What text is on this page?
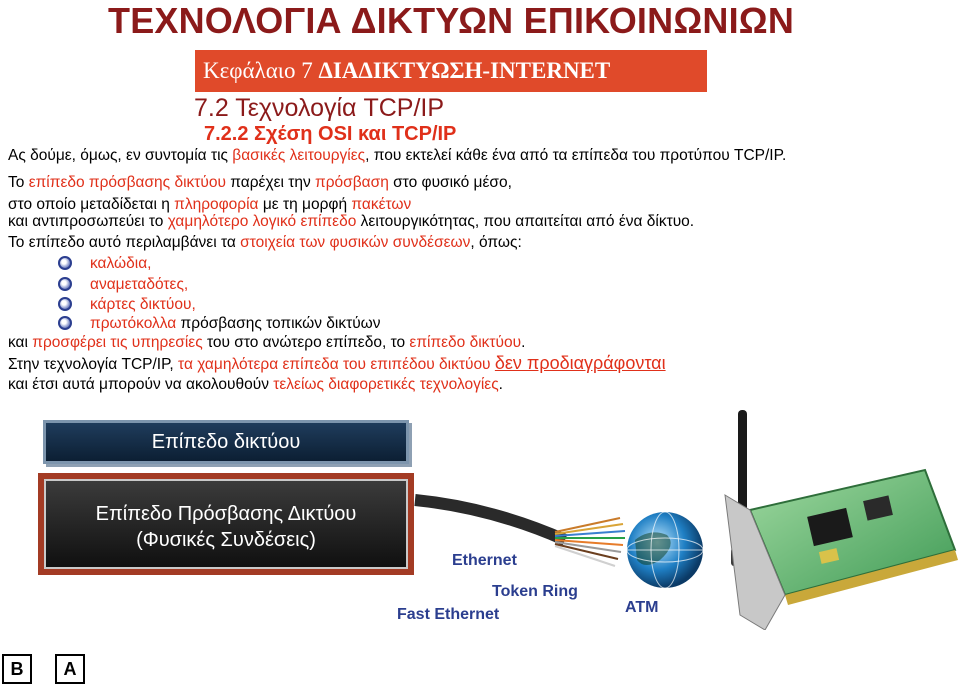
ΤΕΧΝΟΛΟΓΙΑ ΔΙΚΤΥΩΝ ΕΠΙΚΟΙΝΩΝΙΩΝ
Κεφάλαιο 7 ΔΙΑΔΙΚΤΥΩΣΗ-INTERNET
7.2 Τεχνολογία TCP/IP
7.2.2 Σχέση OSI και TCP/IP
Ας δούμε, όμως, εν συντομία τις βασικές λειτουργίες, που εκτελεί κάθε ένα από τα επίπεδα του προτύπου TCP/IP.
Το επίπεδο πρόσβασης δικτύου παρέχει την πρόσβαση στο φυσικό μέσο,
στο οποίο μεταδίδεται η πληροφορία με τη μορφή πακέτων
και αντιπροσωπεύει το χαμηλότερο λογικό επίπεδο λειτουργικότητας, που απαιτείται από ένα δίκτυο.
Το επίπεδο αυτό περιλαμβάνει τα στοιχεία των φυσικών συνδέσεων, όπως:
καλώδια,
αναμεταδότες,
κάρτες δικτύου,
πρωτόκολλα πρόσβασης τοπικών δικτύων
και προσφέρει τις υπηρεσίες του στο ανώτερο επίπεδο, το επίπεδο δικτύου.
Στην τεχνολογία TCP/IP, τα χαμηλότερα επίπεδα του επιπέδου δικτύου δεν προδιαγράφονται
και έτσι αυτά μπορούν να ακολουθούν τελείως διαφορετικές τεχνολογίες.
Επίπεδο δικτύου
Επίπεδο Πρόσβασης Δικτύου
(Φυσικές Συνδέσεις)
Ethernet
Token Ring
Fast Ethernet	ATM
B	A
